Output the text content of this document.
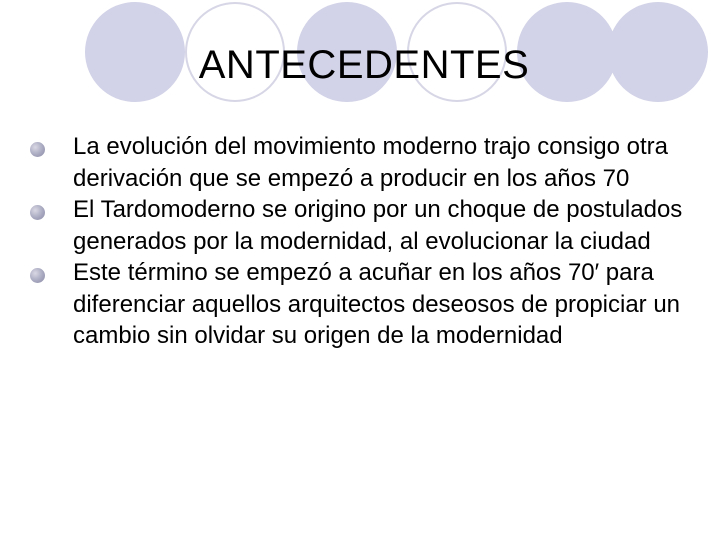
ANTECEDENTES
La evolución del movimiento moderno trajo consigo otra derivación que se empezó a producir en los años 70
El Tardomoderno se origino por un choque de postulados generados por la modernidad, al evolucionar la ciudad
Este término se empezó a acuñar en los años 70′ para diferenciar aquellos arquitectos deseosos de propiciar un cambio sin olvidar su origen de la modernidad
